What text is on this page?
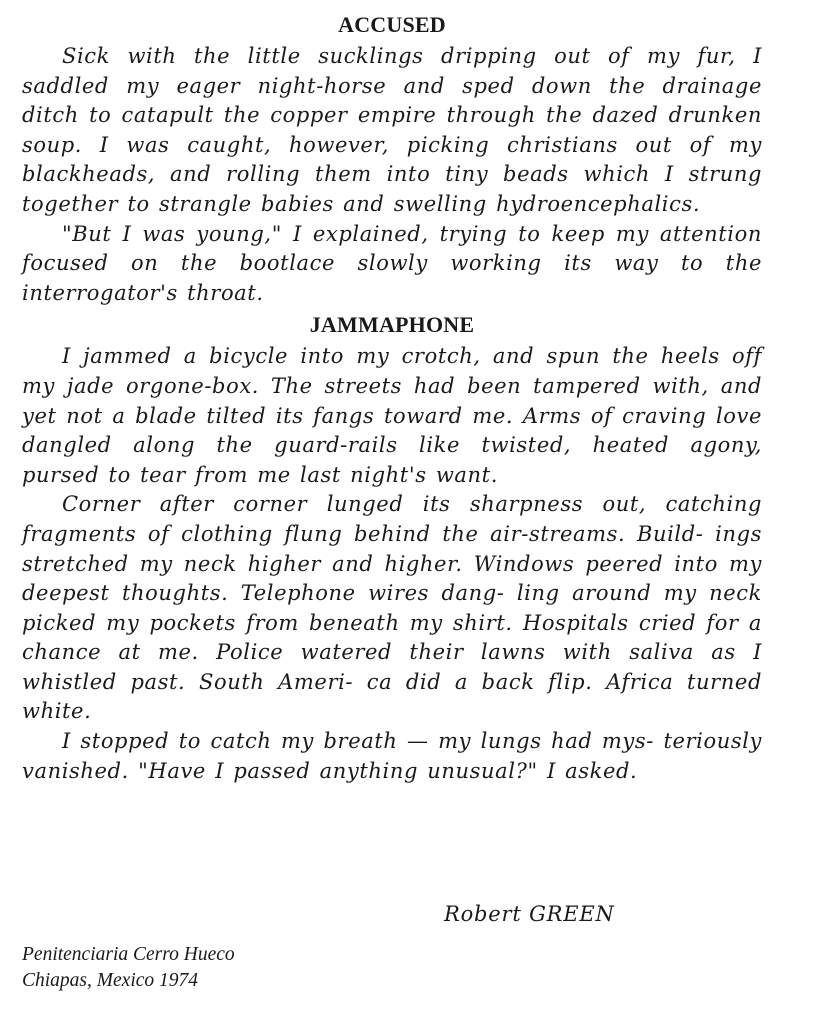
ACCUSED

Sick with the little sucklings dripping out of my fur, I saddled my eager night-horse and sped down the drainage ditch to catapult the copper empire through the dazed drunken soup. I was caught, however, picking christians out of my blackheads, and rolling them into tiny beads which I strung together to strangle babies and swelling hydroencephalics.

"But I was young," I explained, trying to keep my attention focused on the bootlace slowly working its way to the interrogator's throat.

JAMMAPHONE

I jammed a bicycle into my crotch, and spun the heels off my jade orgone-box. The streets had been tampered with, and yet not a blade tilted its fangs toward me. Arms of craving love dangled along the guard-rails like twisted, heated agony, pursed to tear from me last night's want.

Corner after corner lunged its sharpness out, catching fragments of clothing flung behind the air-streams. Build- ings stretched my neck higher and higher. Windows peered into my deepest thoughts. Telephone wires dang- ling around my neck picked my pockets from beneath my shirt. Hospitals cried for a chance at me. Police watered their lawns with saliva as I whistled past. South Ameri- ca did a back flip. Africa turned white.

I stopped to catch my breath — my lungs had mys- teriously vanished. "Have I passed anything unusual?" I asked.

Robert GREEN

Penitenciaria Cerro Hueco
Chiapas, Mexico 1974
